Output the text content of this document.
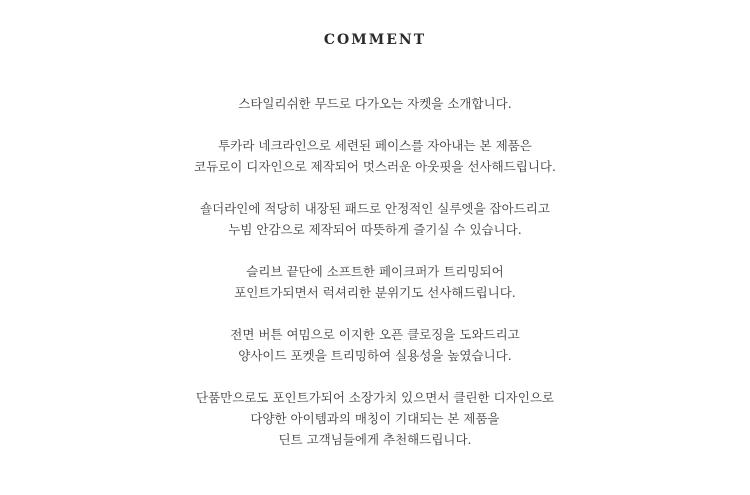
COMMENT
스타일리쉬한 무드로 다가오는 자켓을 소개합니다.
투카라 네크라인으로 세련된 페이스를 자아내는 본 제품은
코듀로이 디자인으로 제작되어 멋스러운 아웃핏을 선사해드립니다.
숄더라인에 적당히 내장된 패드로 안정적인 실루엣을 잡아드리고
누빔 안감으로 제작되어 따뜻하게 즐기실 수 있습니다.
슬리브 끝단에 소프트한 페이크퍼가 트리밍되어
포인트가되면서 럭셔리한 분위기도 선사해드립니다.
전면 버튼 여밈으로 이지한 오픈 클로징을 도와드리고
양사이드 포켓을 트리밍하여 실용성을 높였습니다.
단품만으로도 포인트가되어 소장가치 있으면서 클린한 디자인으로
다양한 아이템과의 매칭이 기대되는 본 제품을
딘트 고객님들에게 추천해드립니다.
